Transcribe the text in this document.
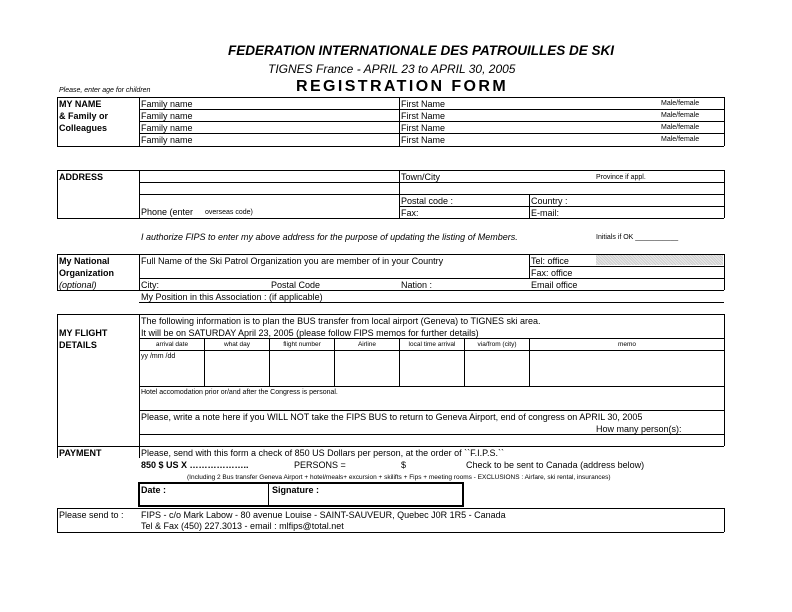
FEDERATION INTERNATIONALE DES PATROUILLES DE SKI
TIGNES France - APRIL 23 to APRIL 30, 2005
REGISTRATION FORM
Please, enter age for children
MY NAME
& Family or
Colleagues
Family name	First Name	Male/female
Family name	First Name	Male/female
Family name	First Name	Male/female
Family name	First Name	Male/female
ADDRESS	Town/City	Province if appl.
Postal code :	Country :
Phone (enter overseas code)	Fax:	E-mail:
I authorize FIPS to enter my above address for the purpose of updating the listing of Members.	Initials if OK ___________
My National
Organization
(optional)
Full Name of the Ski Patrol Organization you are member of in your Country	Tel: office
Fax: office
City:	Postal Code	Nation :	Email office
My Position in this Association : (if applicable)
MY FLIGHT
DETAILS
The following information is to plan the BUS transfer from local airport (Geneva) to TIGNES ski area.
It will be on SATURDAY April 23, 2005 (please follow FIPS memos for further details)
arrival date	what day	flight number	Airline	local time arrival	via/from (city)	memo
yy /mm /dd
Hotel accomodation prior or/and after the Congress is personal.
Please, write a note here if you WILL NOT take the FIPS BUS to return to Geneva Airport, end of congress on APRIL 30, 2005
How many person(s):
PAYMENT	Please, send with this form a check of 850 US Dollars per person, at the order of ``F.I.P.S.``
850 $ US X ………………..	PERSONS =	$	Check to be sent to Canada (address below)
(Including 2 Bus transfer Geneva Airport + hotel/meals+ excursion + skilifts + Fips + meeting rooms - EXCLUSIONS : Airfare, ski rental, insurances)
Date :	Signature :
Please send to : FIPS - c/o Mark Labow - 80 avenue Louise - SAINT-SAUVEUR, Quebec J0R 1R5 - Canada
Tel & Fax (450) 227.3013 - email : mlfips@total.net
